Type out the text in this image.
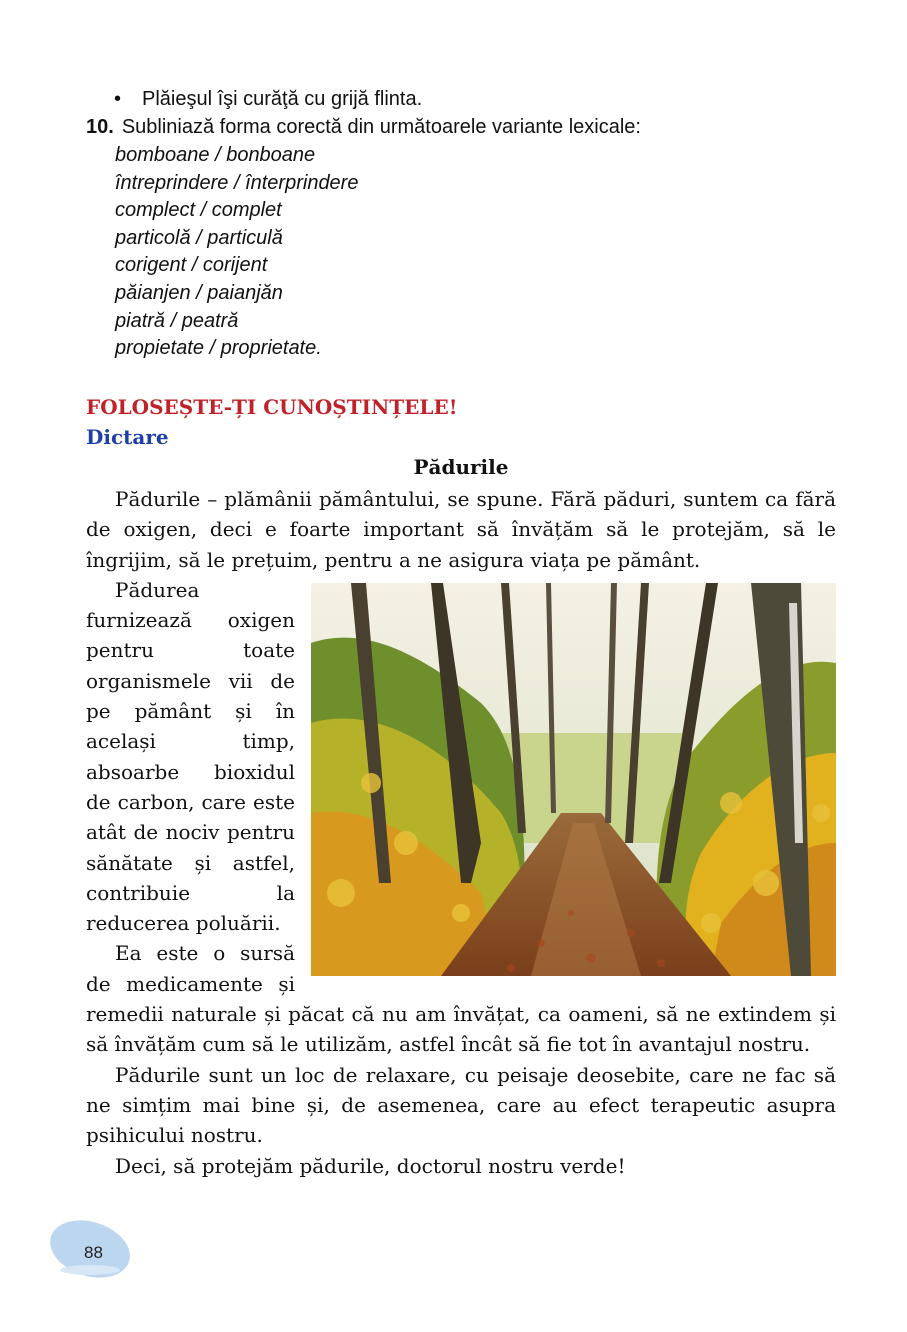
• Plăieşul îşi curăţă cu grijă flinta.
10. Subliniază forma corectă din următoarele variante lexicale:
bomboane / bonboane
întreprindere / înterprindere
complect / complet
particolă / particulă
corigent / corijent
păianjen / paianjăn
piatră / peatră
propietate / proprietate.
FOLOSEȘTE-ȚI CUNOȘTINȚELE!
Dictare
Pădurile

Pădurile – plămânii pământului, se spune. Fără păduri, suntem ca fără de oxigen, deci e foarte important să învățăm să le protejăm, să le îngrijim, să le prețuim, pentru a ne asigura viața pe pământ.

Pădurea furnizează oxigen pentru toate organismele vii de pe pământ și în același timp, absoarbe bioxidul de carbon, care este atât de nociv pentru sănătate și astfel, contribuie la reducerea poluării.

Ea este o sursă de medicamente și remedii naturale și păcat că nu am învățat, ca oameni, să ne extindem și să învățăm cum să le utilizăm, astfel încât să fie tot în avantajul nostru.

Pădurile sunt un loc de relaxare, cu peisaje deosebite, care ne fac să ne simțim mai bine și, de asemenea, care au efect terapeutic asupra psihicului nostru.

Deci, să protejăm pădurile, doctorul nostru verde!

88
